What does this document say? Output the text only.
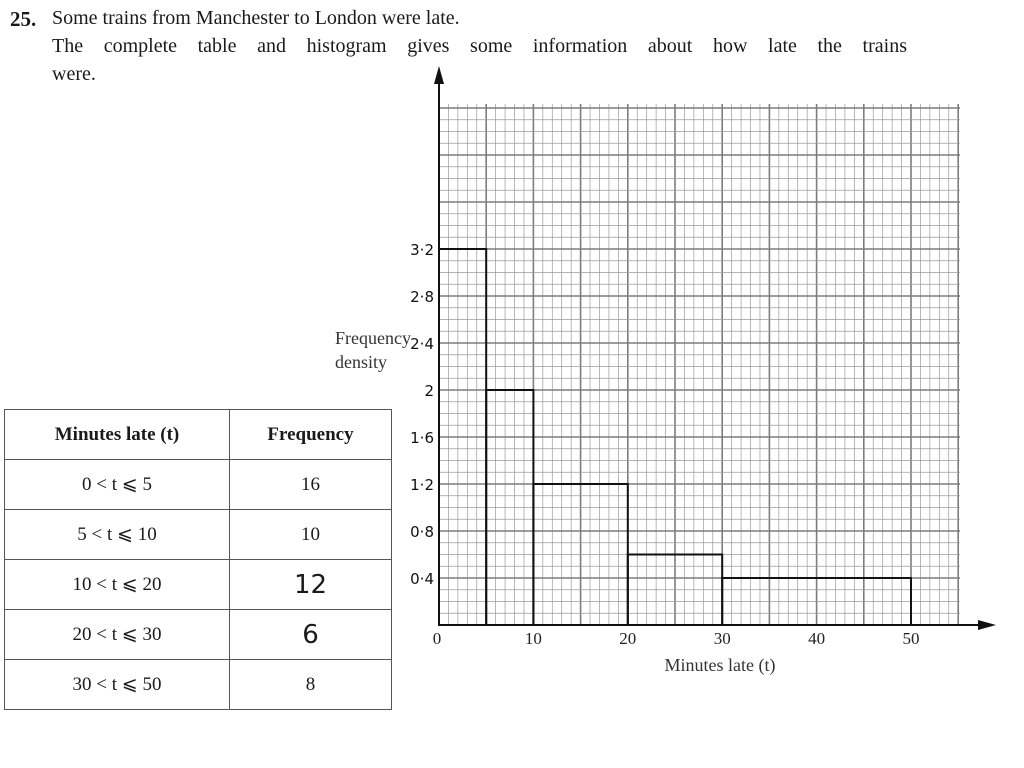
25. Some trains from Manchester to London were late.
The complete table and histogram gives some information about how late the trains
were.
Minutes late (t)	Frequency
0 < t ⩽ 5	16
5 < t ⩽ 10	10
10 < t ⩽ 20	12
20 < t ⩽ 30	6
30 < t ⩽ 50	8
0	10	20	30	40	50
0·4
0·8
1·2
1·6
2
2·4
2·8
3·2
Frequency
density
Minutes late (t)
